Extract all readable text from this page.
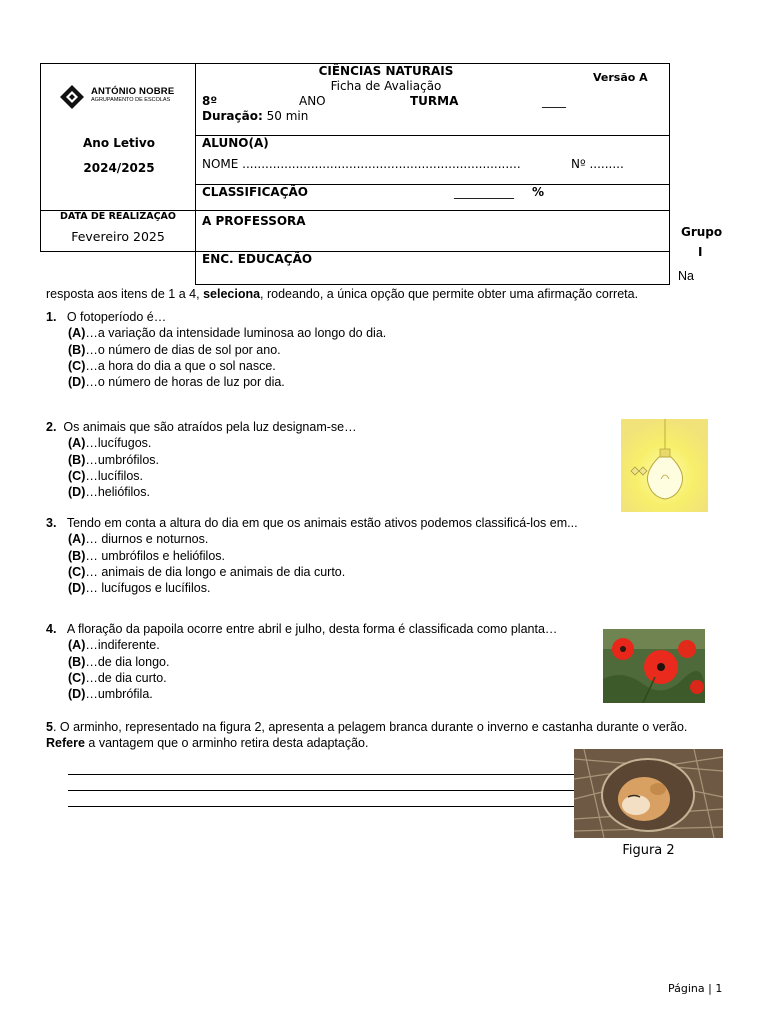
ANTÓNIO NOBRE
AGRUPAMENTO DE ESCOLAS
Ano Letivo
2024/2025
DATA DE REALIZAÇÃO
Fevereiro 2025
CIÊNCIAS NATURAIS
Ficha de Avaliação
Versão A
8º	ANO	TURMA	____
Duração: 50 min
ALUNO(A)
NOME .........................................................................	Nº .........
CLASSIFICAÇÃO	__________ %
A PROFESSORA
ENC. EDUCAÇÃO
Grupo
I
Na
resposta aos itens de 1 a 4, seleciona, rodeando, a única opção que permite obter uma afirmação correta.
1. O fotoperíodo é…
(A)…a variação da intensidade luminosa ao longo do dia.
(B)…o número de dias de sol por ano.
(C)…a hora do dia a que o sol nasce.
(D)…o número de horas de luz por dia.
2. Os animais que são atraídos pela luz designam-se…
(A)…lucífugos.
(B)…umbrófilos.
(C)…lucífilos.
(D)…heliófilos.
3. Tendo em conta a altura do dia em que os animais estão ativos podemos classificá-los em...
(A)… diurnos e noturnos.
(B)… umbrófilos e heliófilos.
(C)… animais de dia longo e animais de dia curto.
(D)… lucífugos e lucífilos.
4. A floração da papoila ocorre entre abril e julho, desta forma é classificada como planta…
(A)…indiferente.
(B)…de dia longo.
(C)…de dia curto.
(D)…umbrófila.
5. O arminho, representado na figura 2, apresenta a pelagem branca durante o inverno e castanha durante o verão.
Refere a vantagem que o arminho retira desta adaptação.
Figura 2
Página | 1
